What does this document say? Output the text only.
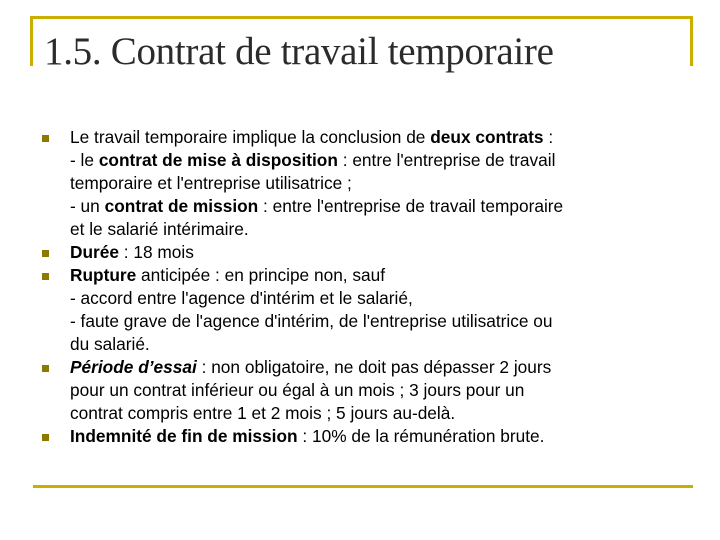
1.5. Contrat de travail temporaire
Le travail temporaire implique la conclusion de deux contrats :
- le contrat de mise à disposition : entre l'entreprise de travail
temporaire et l'entreprise utilisatrice ;
- un contrat de mission : entre l'entreprise de travail temporaire
et le salarié intérimaire.
Durée : 18 mois
Rupture anticipée : en principe non, sauf
- accord entre l'agence d'intérim et le salarié,
- faute grave de l'agence d'intérim, de l'entreprise utilisatrice ou
du salarié.
Période d’essai : non obligatoire, ne doit pas dépasser 2 jours
pour un contrat inférieur ou égal à un mois ; 3 jours pour un
contrat compris entre 1 et 2 mois ; 5 jours au-delà.
Indemnité de fin de mission : 10% de la rémunération brute.
